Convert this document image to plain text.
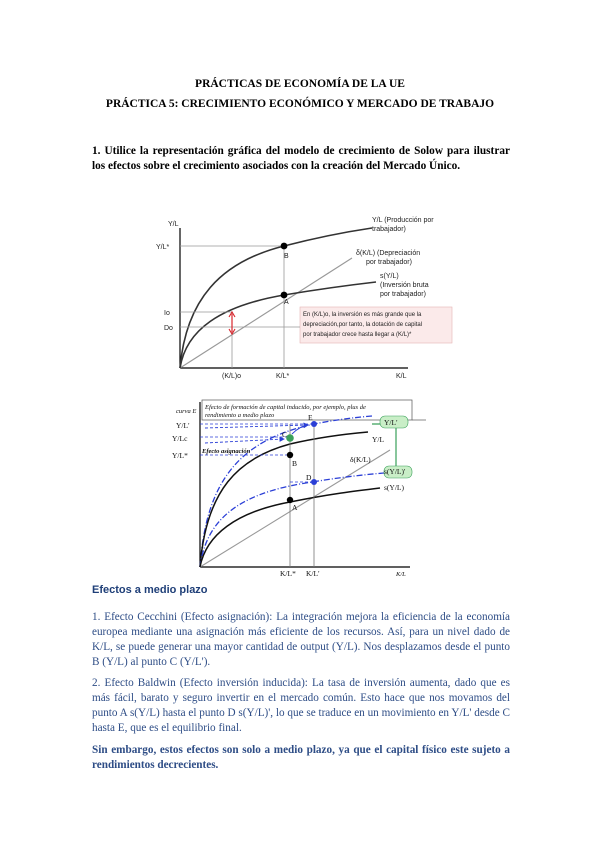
PRÁCTICAS DE ECONOMÍA DE LA UE
PRÁCTICA 5: CRECIMIENTO ECONÓMICO Y MERCADO DE TRABAJO
1. Utilice la representación gráfica del modelo de crecimiento de Solow para ilustrar los efectos sobre el crecimiento asociados con la creación del Mercado Único.
Y/L
K/L
Y/L*
Io
Do
(K/L)o	K/L*
B
A
Y/L (Producción por
trabajador)
δ(K/L) (Depreciación
por trabajador)
s(Y/L)
(Inversión bruta
por trabajador)
En (K/L)o, la inversión es más grande que la
depreciación,por tanto, la dotación de capital
por trabajador crece hasta llegar a (K/L)*
curva E
Efecto de formación de capital inducido, por ejemplo, plus de
rendimiento a medio plazo
Y/L'
Y/Lc
Y/L* Efecto asignación
Y/L'
Y/L
δ(K/L)
s(Y/L)'
s(Y/L)
E
C
B
D
A
K/L* K/L'	K/L
Efectos a medio plazo
1. Efecto Cecchini (Efecto asignación): La integración mejora la eficiencia de la economía europea mediante una asignación más eficiente de los recursos. Así, para un nivel dado de K/L, se puede generar una mayor cantidad de output (Y/L). Nos desplazamos desde el punto B (Y/L) al punto C (Y/L').
2. Efecto Baldwin (Efecto inversión inducida): La tasa de inversión aumenta, dado que es más fácil, barato y seguro invertir en el mercado común. Esto hace que nos movamos del punto A s(Y/L) hasta el punto D s(Y/L)', lo que se traduce en un movimiento en Y/L' desde C hasta E, que es el equilibrio final.
Sin embargo, estos efectos son solo a medio plazo, ya que el capital físico este sujeto a rendimientos decrecientes.
